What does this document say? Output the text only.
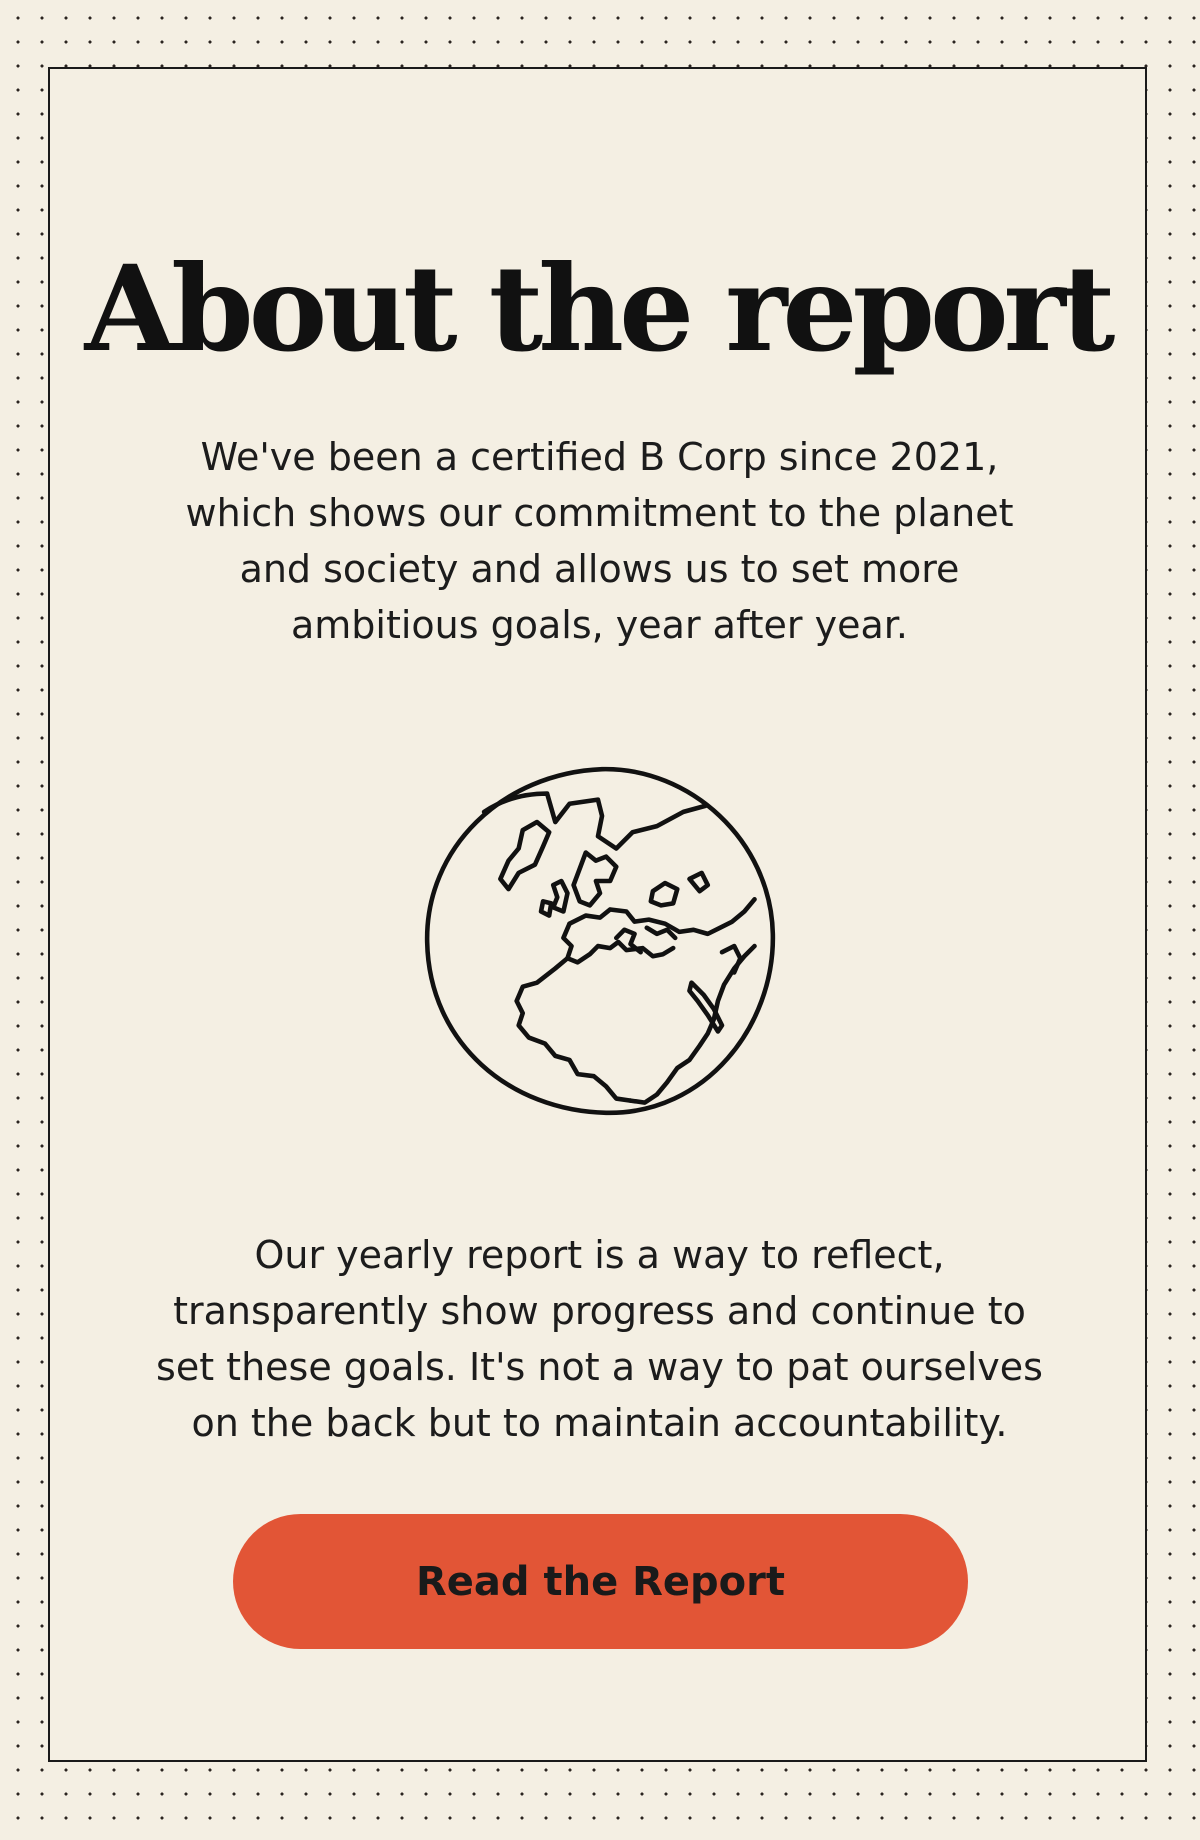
About the report

We've been a certified B Corp since 2021, which shows our commitment to the planet and society and allows us to set more ambitious goals, year after year.

Our yearly report is a way to reflect, transparently show progress and continue to set these goals. It's not a way to pat ourselves on the back but to maintain accountability.

Read the Report
